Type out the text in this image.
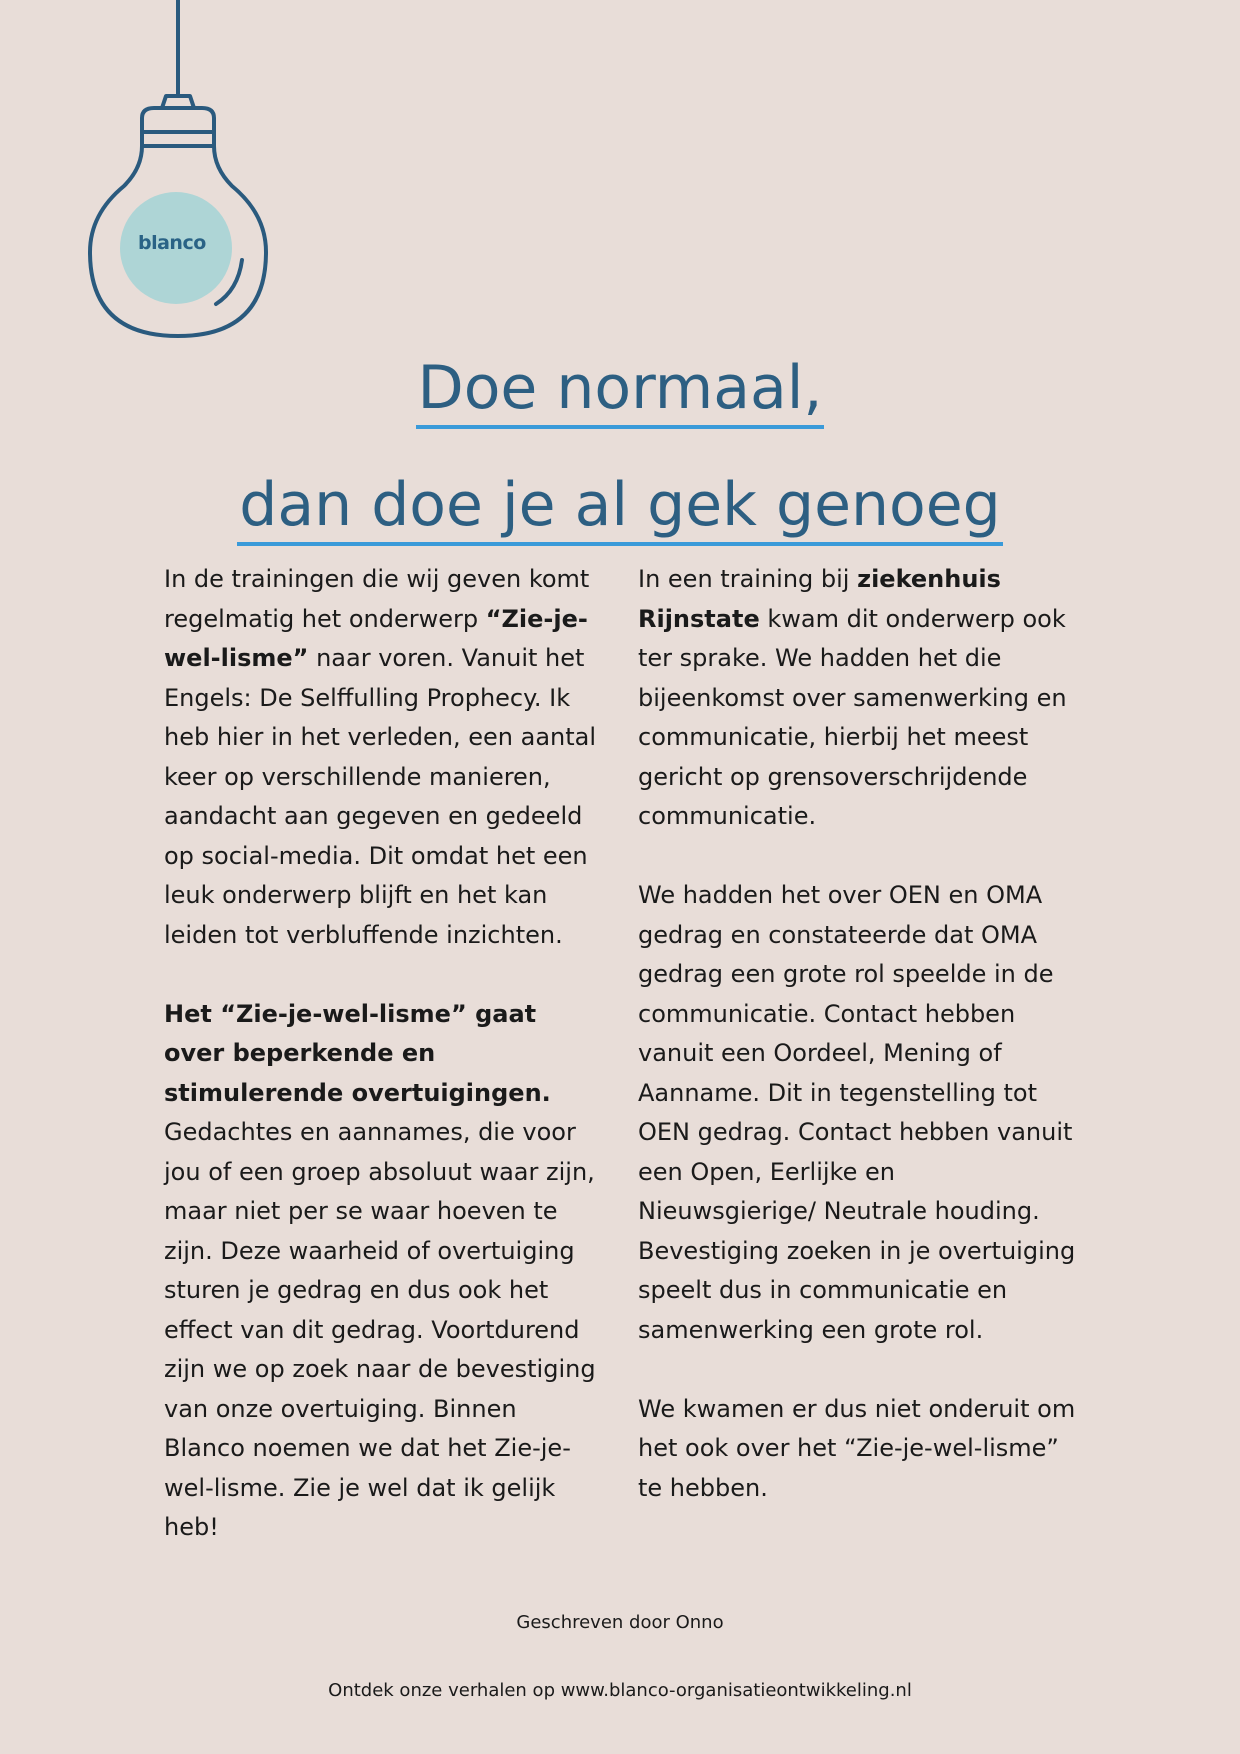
blanco
Doe normaal,
dan doe je al gek genoeg

In de trainingen die wij geven komt regelmatig het onderwerp “Zie-je-wel-lisme” naar voren. Vanuit het Engels: De Selffulling Prophecy. Ik heb hier in het verleden, een aantal keer op verschillende manieren, aandacht aan gegeven en gedeeld op social-media. Dit omdat het een leuk onderwerp blijft en het kan leiden tot verbluffende inzichten.

Het “Zie-je-wel-lisme” gaat over beperkende en stimulerende overtuigingen. Gedachtes en aannames, die voor jou of een groep absoluut waar zijn, maar niet per se waar hoeven te zijn. Deze waarheid of overtuiging sturen je gedrag en dus ook het effect van dit gedrag. Voortdurend zijn we op zoek naar de bevestiging van onze overtuiging. Binnen Blanco noemen we dat het Zie-je-wel-lisme. Zie je wel dat ik gelijk heb!

In een training bij ziekenhuis Rijnstate kwam dit onderwerp ook ter sprake. We hadden het die bijeenkomst over samenwerking en communicatie, hierbij het meest gericht op grensoverschrijdende communicatie.

We hadden het over OEN en OMA gedrag en constateerde dat OMA gedrag een grote rol speelde in de communicatie. Contact hebben vanuit een Oordeel, Mening of Aanname. Dit in tegenstelling tot OEN gedrag. Contact hebben vanuit een Open, Eerlijke en Nieuwsgierige/ Neutrale houding. Bevestiging zoeken in je overtuiging speelt dus in communicatie en samenwerking een grote rol.

We kwamen er dus niet onderuit om het ook over het “Zie-je-wel-lisme” te hebben.

Geschreven door Onno
Ontdek onze verhalen op www.blanco-organisatieontwikkeling.nl
